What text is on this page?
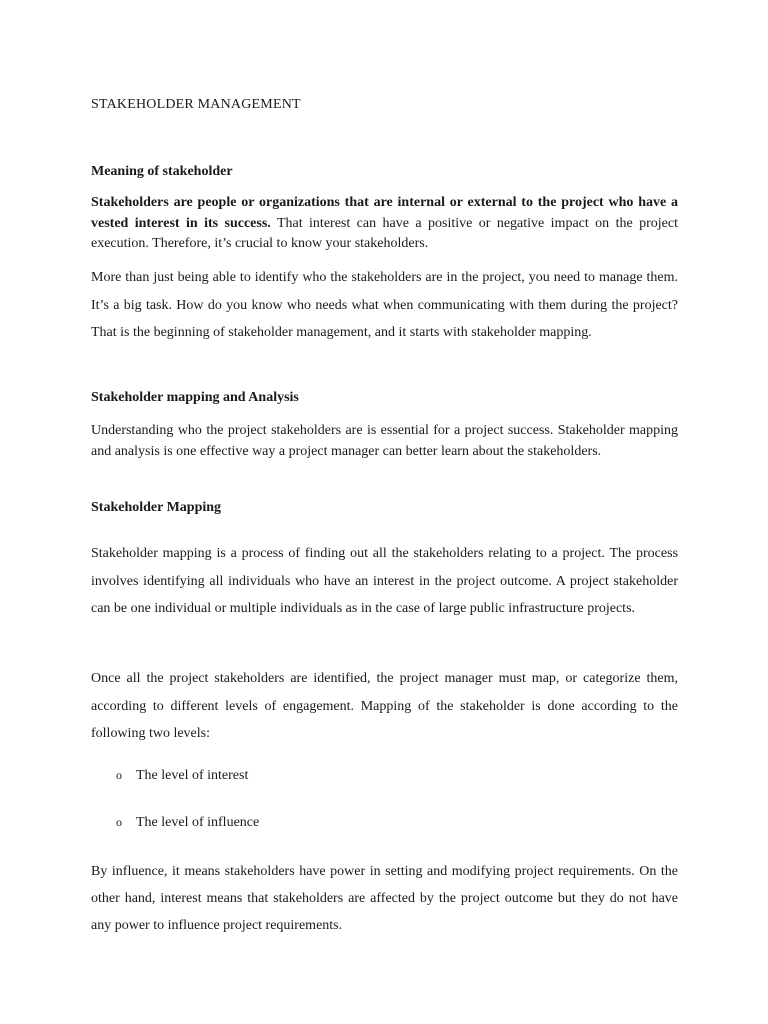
STAKEHOLDER MANAGEMENT
Meaning of stakeholder

Stakeholders are people or organizations that are internal or external to the project who have a vested interest in its success. That interest can have a positive or negative impact on the project execution. Therefore, it’s crucial to know your stakeholders.

More than just being able to identify who the stakeholders are in the project, you need to manage them. It’s a big task. How do you know who needs what when communicating with them during the project? That is the beginning of stakeholder management, and it starts with stakeholder mapping.

Stakeholder mapping and Analysis

Understanding who the project stakeholders are is essential for a project success. Stakeholder mapping and analysis is one effective way a project manager can better learn about the stakeholders.

Stakeholder Mapping

Stakeholder mapping is a process of finding out all the stakeholders relating to a project. The process involves identifying all individuals who have an interest in the project outcome. A project stakeholder can be one individual or multiple individuals as in the case of large public infrastructure projects.

Once all the project stakeholders are identified, the project manager must map, or categorize them, according to different levels of engagement. Mapping of the stakeholder is done according to the following two levels:

o The level of interest
o The level of influence

By influence, it means stakeholders have power in setting and modifying project requirements. On the other hand, interest means that stakeholders are affected by the project outcome but they do not have any power to influence project requirements.
